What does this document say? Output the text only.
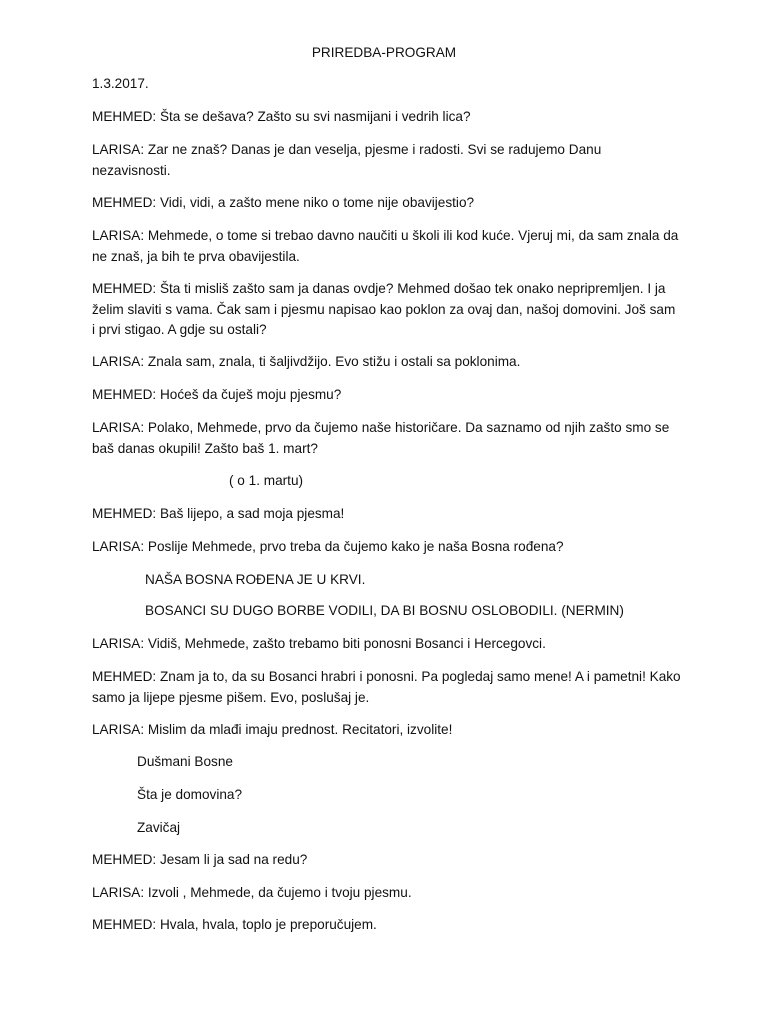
PRIREDBA-PROGRAM

1.3.2017.

MEHMED: Šta se dešava? Zašto su svi nasmijani i vedrih lica?

LARISA: Zar ne znaš? Danas je dan veselja, pjesme i radosti. Svi se radujemo Danu nezavisnosti.

MEHMED: Vidi, vidi, a zašto mene niko o tome nije obavijestio?

LARISA: Mehmede, o tome si trebao davno naučiti u školi ili kod kuće. Vjeruj mi, da sam znala da ne znaš, ja bih te prva obavijestila.

MEHMED: Šta ti misliš zašto sam ja danas ovdje? Mehmed došao tek onako nepripremljen. I ja želim slaviti s vama. Čak sam i pjesmu napisao kao poklon za ovaj dan, našoj domovini. Još sam i prvi stigao. A gdje su ostali?

LARISA: Znala sam, znala, ti šaljivdžijo. Evo stižu i ostali sa poklonima.

MEHMED: Hoćeš da čuješ moju pjesmu?

LARISA: Polako, Mehmede, prvo da čujemo naše historičare. Da saznamo od njih zašto smo se baš danas okupili! Zašto baš 1. mart?

( o 1. martu)

MEHMED: Baš lijepo, a sad moja pjesma!

LARISA: Poslije Mehmede, prvo treba da čujemo kako je naša Bosna rođena?

NAŠA BOSNA ROĐENA JE U KRVI.

BOSANCI SU DUGO BORBE VODILI, DA BI BOSNU OSLOBODILI. (NERMIN)

LARISA: Vidiš, Mehmede, zašto trebamo biti ponosni Bosanci i Hercegovci.

MEHMED: Znam ja to, da su Bosanci hrabri i ponosni. Pa pogledaj samo mene! A i pametni! Kako samo ja lijepe pjesme pišem. Evo, poslušaj je.

LARISA: Mislim da mlađi imaju prednost. Recitatori, izvolite!

Dušmani Bosne

Šta je domovina?

Zavičaj

MEHMED: Jesam li ja sad na redu?

LARISA: Izvoli , Mehmede, da čujemo i tvoju pjesmu.

MEHMED: Hvala, hvala, toplo je preporučujem.
